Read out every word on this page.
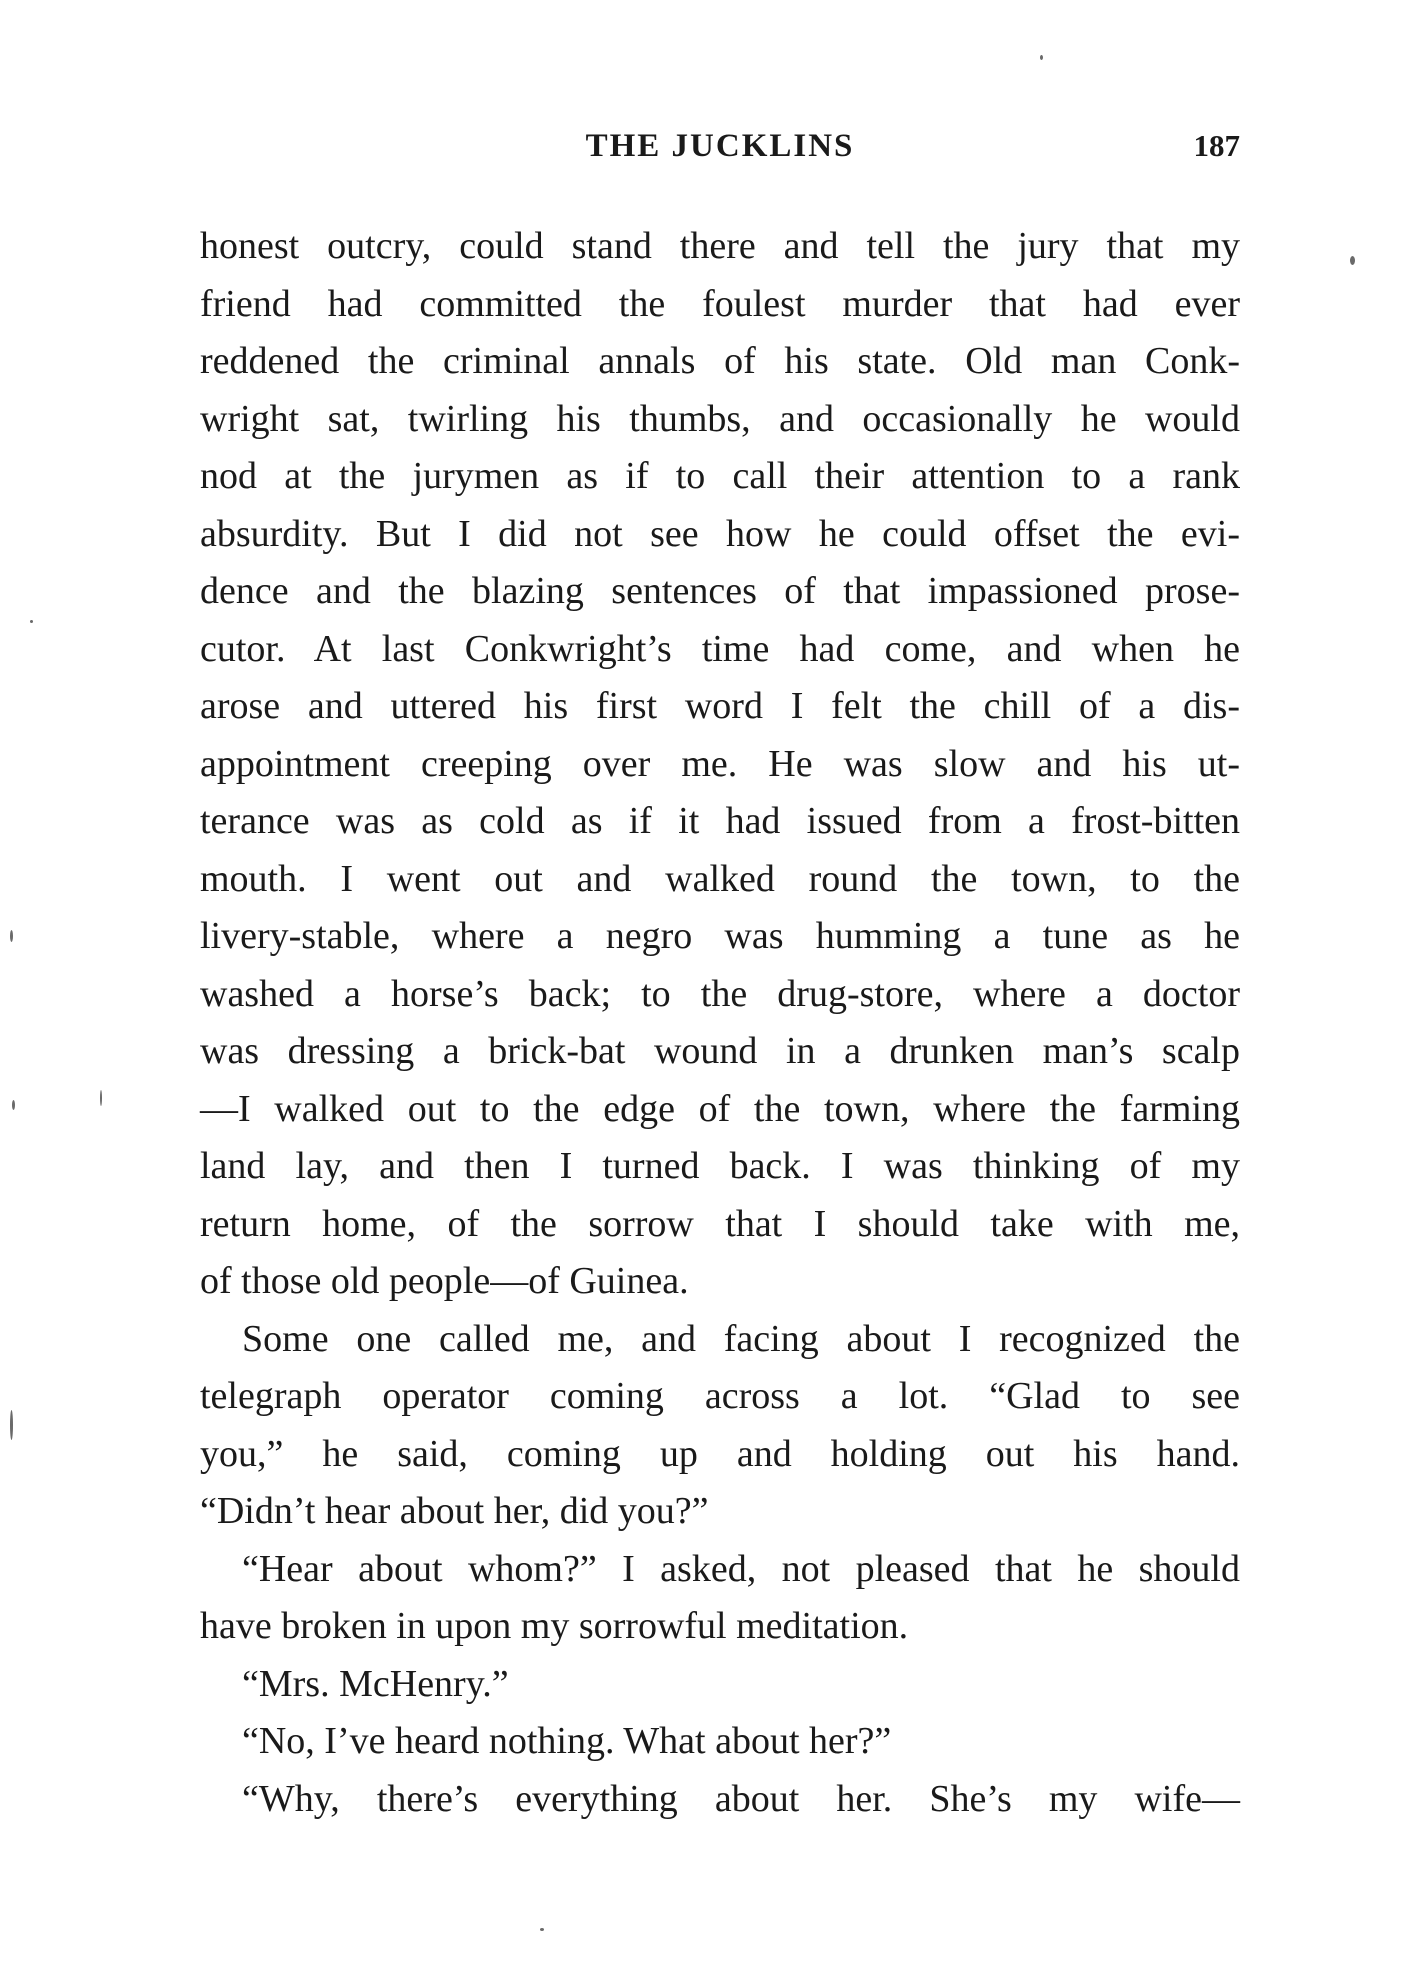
THE JUCKLINS	187
honest outcry, could stand there and tell the jury that my
friend had committed the foulest murder that had ever
reddened the criminal annals of his state. Old man Conk-
wright sat, twirling his thumbs, and occasionally he would
nod at the jurymen as if to call their attention to a rank
absurdity. But I did not see how he could offset the evi-
dence and the blazing sentences of that impassioned prose-
cutor. At last Conkwright’s time had come, and when he
arose and uttered his first word I felt the chill of a dis-
appointment creeping over me. He was slow and his ut-
terance was as cold as if it had issued from a frost-bitten
mouth. I went out and walked round the town, to the
livery-stable, where a negro was humming a tune as he
washed a horse’s back; to the drug-store, where a doctor
was dressing a brick-bat wound in a drunken man’s scalp
—I walked out to the edge of the town, where the farming
land lay, and then I turned back. I was thinking of my
return home, of the sorrow that I should take with me,
of those old people—of Guinea.
Some one called me, and facing about I recognized the
telegraph operator coming across a lot. “Glad to see
you,” he said, coming up and holding out his hand.
“Didn’t hear about her, did you?”
“Hear about whom?” I asked, not pleased that he should
have broken in upon my sorrowful meditation.
“Mrs. McHenry.”
“No, I’ve heard nothing. What about her?”
“Why, there’s everything about her. She’s my wife—
